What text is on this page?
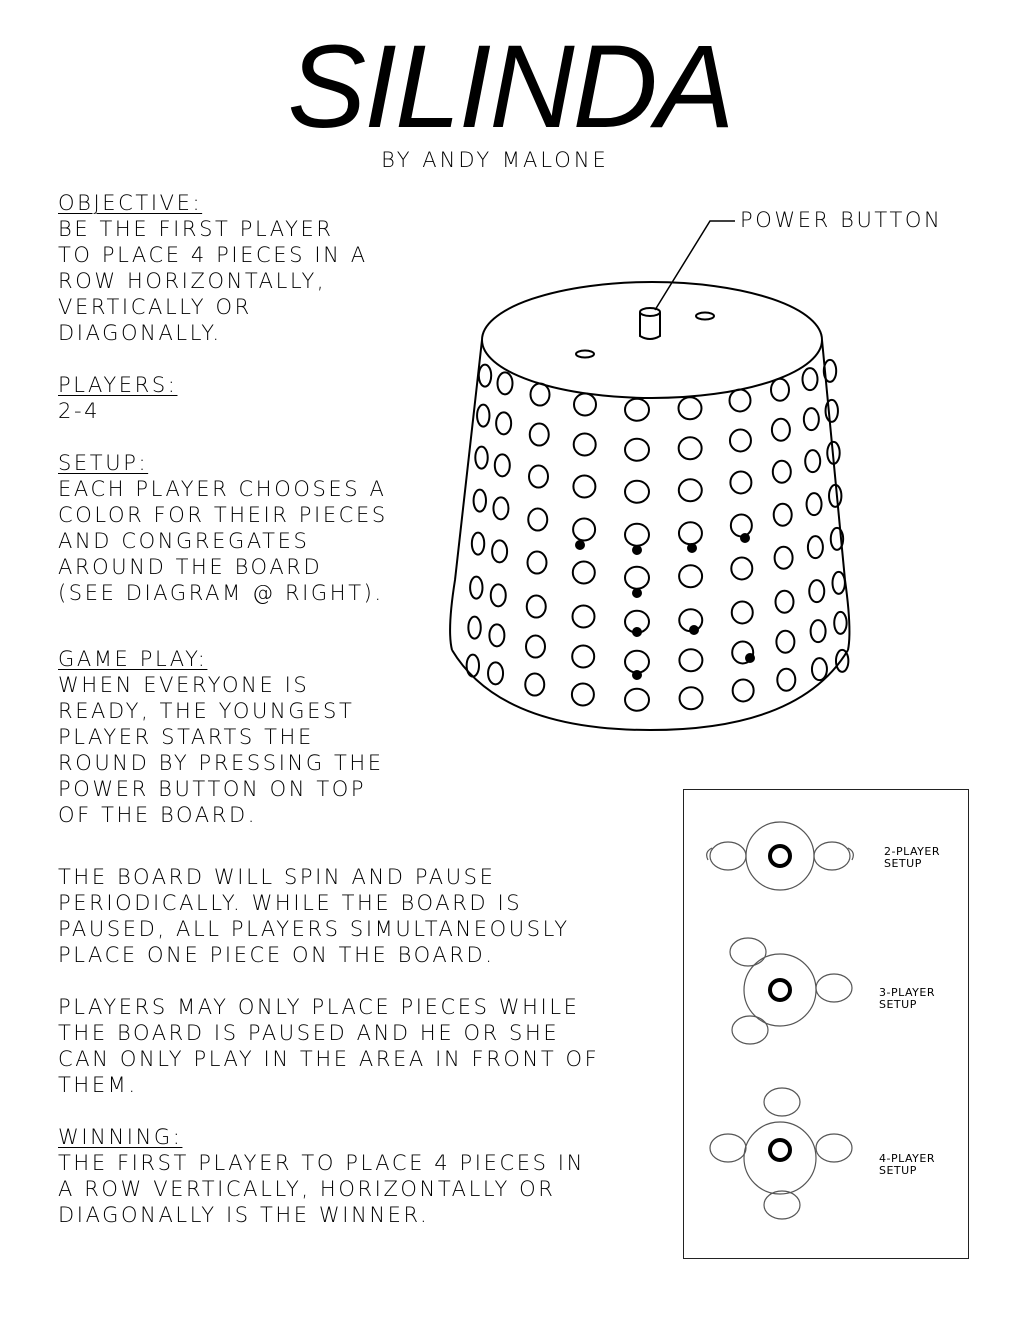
SILINDA
BY ANDY MALONE

OBJECTIVE:

BE THE FIRST PLAYER

TO PLACE 4 PIECES IN A

ROW HORIZONTALLY,

VERTICALLY OR

DIAGONALLY.

PLAYERS:

2-4

SETUP:

EACH PLAYER CHOOSES A

COLOR FOR THEIR PIECES

AND CONGREGATES

AROUND THE BOARD

(SEE DIAGRAM @ RIGHT).

GAME PLAY:

WHEN EVERYONE IS

READY, THE YOUNGEST

PLAYER STARTS THE

ROUND BY PRESSING THE

POWER BUTTON ON TOP

OF THE BOARD.

THE BOARD WILL SPIN AND PAUSE

PERIODICALLY. WHILE THE BOARD IS

PAUSED, ALL PLAYERS SIMULTANEOUSLY

PLACE ONE PIECE ON THE BOARD.

PLAYERS MAY ONLY PLACE PIECES WHILE

THE BOARD IS PAUSED AND HE OR SHE

CAN ONLY PLAY IN THE AREA IN FRONT OF

THEM.

WINNING:

THE FIRST PLAYER TO PLACE 4 PIECES IN

A ROW VERTICALLY, HORIZONTALLY OR

DIAGONALLY IS THE WINNER.

POWER BUTTON
2-PLAYER
SETUP
3-PLAYER
SETUP
4-PLAYER
SETUP
